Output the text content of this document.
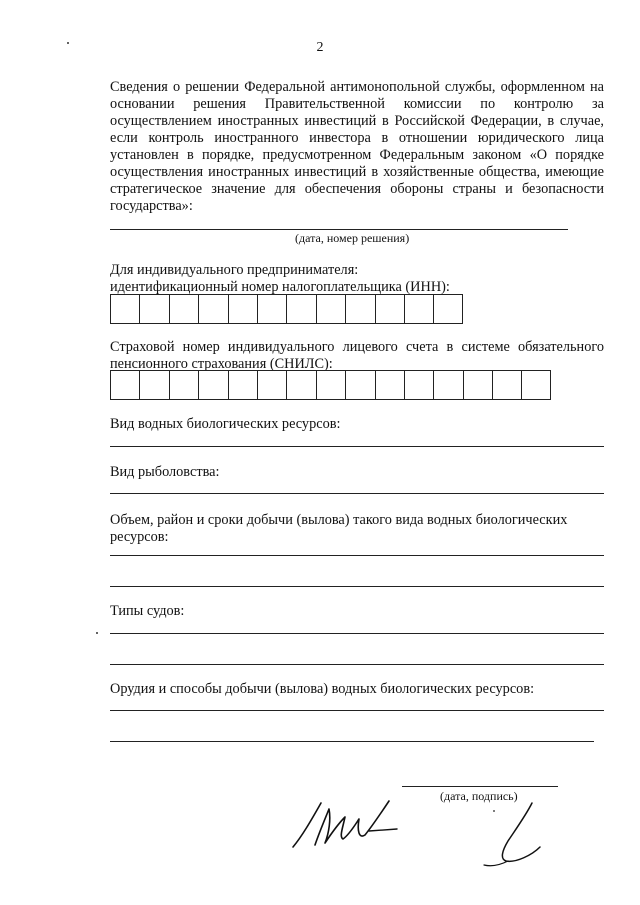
2
Сведения о решении Федеральной антимонопольной службы, оформленном на
основании решения Правительственной комиссии по контролю за
осуществлением иностранных инвестиций в Российской Федерации, в случае,
если контроль иностранного инвестора в отношении юридического лица
установлен в порядке, предусмотренном Федеральным законом «О порядке
осуществления иностранных инвестиций в хозяйственные общества, имеющие
стратегическое значение для обеспечения обороны страны и безопасности
государства»:
(дата, номер решения)
Для индивидуального предпринимателя:
идентификационный номер налогоплательщика (ИНН):
Страховой номер индивидуального лицевого счета в системе обязательного
пенсионного страхования (СНИЛС):
Вид водных биологических ресурсов:
Вид рыболовства:
Объем, район и сроки добычи (вылова) такого вида водных биологических
ресурсов:
Типы судов:
Орудия и способы добычи (вылова) водных биологических ресурсов:
(дата, подпись)
